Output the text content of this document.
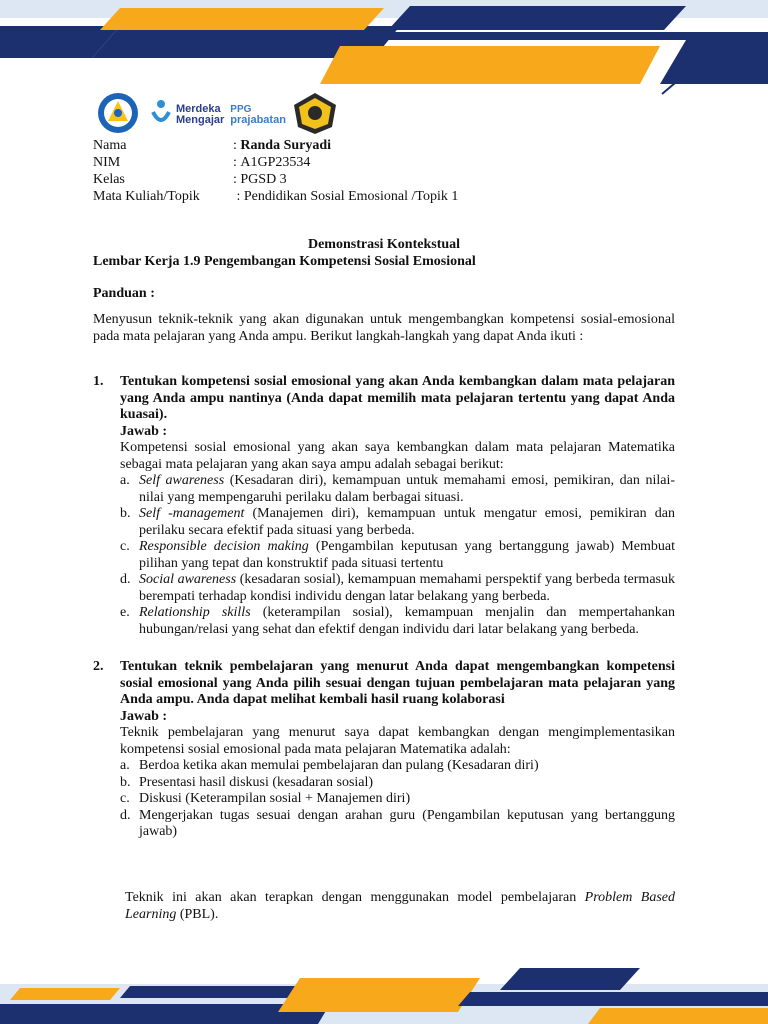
Merdeka
Mengajar
PPG
prajabatan
Nama	: Randa Suryadi
NIM	: A1GP23534
Kelas	: PGSD 3
Mata Kuliah/Topik	: Pendidikan Sosial Emosional /Topik 1
Demonstrasi Kontekstual
Lembar Kerja 1.9 Pengembangan Kompetensi Sosial Emosional
Panduan :
Menyusun teknik-teknik yang akan digunakan untuk mengembangkan kompetensi sosial-emosional pada mata pelajaran yang Anda ampu. Berikut langkah-langkah yang dapat Anda ikuti :
1.	Tentukan kompetensi sosial emosional yang akan Anda kembangkan dalam mata pelajaran yang Anda ampu nantinya (Anda dapat memilih mata pelajaran tertentu yang dapat Anda kuasai).
Jawab :
Kompetensi sosial emosional yang akan saya kembangkan dalam mata pelajaran Matematika sebagai mata pelajaran yang akan saya ampu adalah sebagai berikut:
a. Self awareness (Kesadaran diri), kemampuan untuk memahami emosi, pemikiran, dan nilai-nilai yang mempengaruhi perilaku dalam berbagai situasi.
b. Self -management (Manajemen diri), kemampuan untuk mengatur emosi, pemikiran dan perilaku secara efektif pada situasi yang berbeda.
c. Responsible decision making (Pengambilan keputusan yang bertanggung jawab) Membuat pilihan yang tepat dan konstruktif pada situasi tertentu
d. Social awareness (kesadaran sosial), kemampuan memahami perspektif yang berbeda termasuk berempati terhadap kondisi individu dengan latar belakang yang berbeda.
e. Relationship skills (keterampilan sosial), kemampuan menjalin dan mempertahankan hubungan/relasi yang sehat dan efektif dengan individu dari latar belakang yang berbeda.
2.	Tentukan teknik pembelajaran yang menurut Anda dapat mengembangkan kompetensi sosial emosional yang Anda pilih sesuai dengan tujuan pembelajaran mata pelajaran yang Anda ampu. Anda dapat melihat kembali hasil ruang kolaborasi
Jawab :
Teknik pembelajaran yang menurut saya dapat kembangkan dengan mengimplementasikan kompetensi sosial emosional pada mata pelajaran Matematika adalah:
a. Berdoa ketika akan memulai pembelajaran dan pulang (Kesadaran diri)
b. Presentasi hasil diskusi (kesadaran sosial)
c. Diskusi (Keterampilan sosial + Manajemen diri)
d. Mengerjakan tugas sesuai dengan arahan guru (Pengambilan keputusan yang bertanggung jawab)
Teknik ini akan akan terapkan dengan menggunakan model pembelajaran Problem Based Learning (PBL).
